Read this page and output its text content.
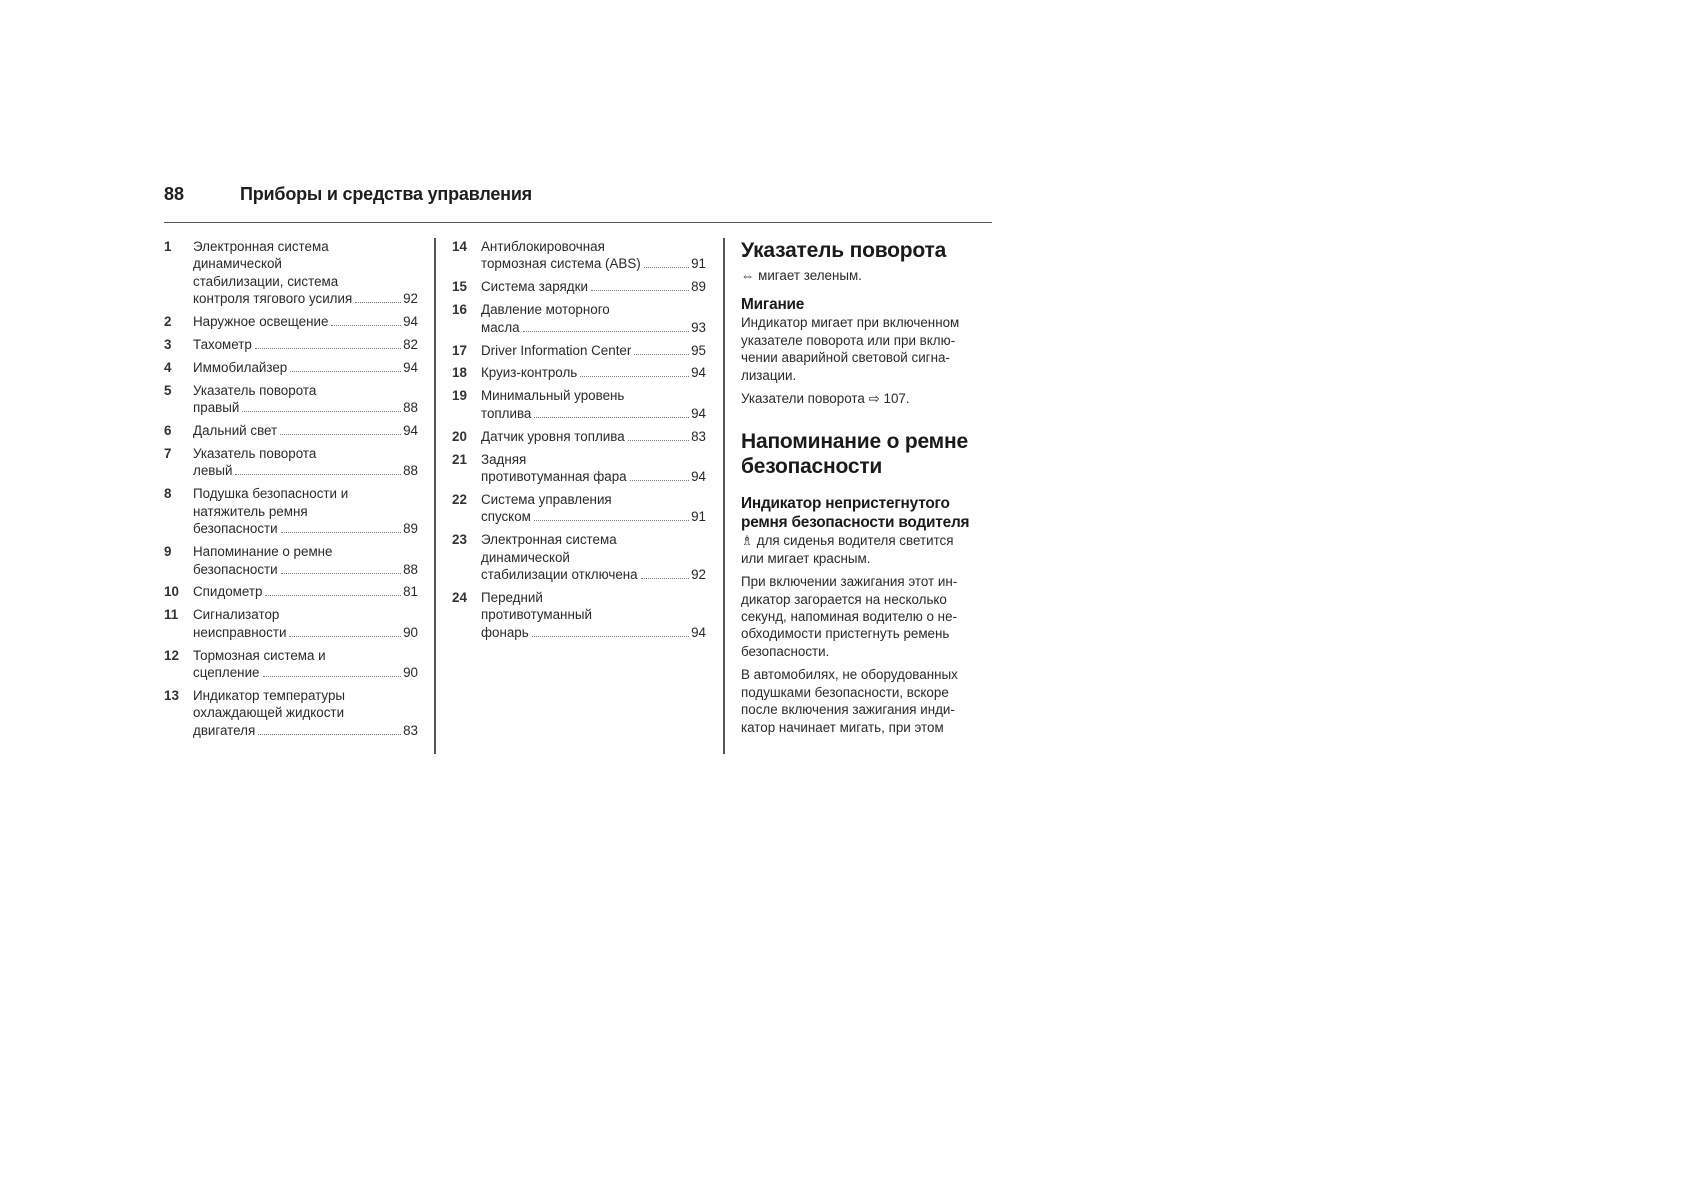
88	Приборы и средства управления
1 Электронная система
динамической
стабилизации, система
контроля тягового усилия	92
2 Наружное освещение	94
3 Тахометр	82
4 Иммобилайзер	94
5 Указатель поворота
правый	88
6 Дальний свет	94
7 Указатель поворота
левый	88
8 Подушка безопасности и
натяжитель ремня
безопасности	89
9 Напоминание о ремне
безопасности	88
10 Спидометр	81
11 Сигнализатор
неисправности	90
12 Тормозная система и
сцепление	90
13 Индикатор температуры
охлаждающей жидкости
двигателя	83
14 Антиблокировочная
тормозная система (ABS)	91
15 Система зарядки	89
16 Давление моторного
масла	93
17 Driver Information Center	95
18 Круиз-контроль	94
19 Минимальный уровень
топлива	94
20 Датчик уровня топлива	83
21 Задняя
противотуманная фара	94
22 Система управления
спуском	91
23 Электронная система
динамической
стабилизации отключена	92
24 Передний
противотуманный
фонарь	94
Указатель поворота
⇔ мигает зеленым.
Мигание
Индикатор мигает при включенном
указателе поворота или при вклю-
чении аварийной световой сигна-
лизации.
Указатели поворота ⇨ 107.
Напоминание о ремне
безопасности
Индикатор непристегнутого
ремня безопасности водителя
♗ для сиденья водителя светится
или мигает красным.
При включении зажигания этот ин-
дикатор загорается на несколько
секунд, напоминая водителю о не-
обходимости пристегнуть ремень
безопасности.
В автомобилях, не оборудованных
подушками безопасности, вскоре
после включения зажигания инди-
катор начинает мигать, при этом
